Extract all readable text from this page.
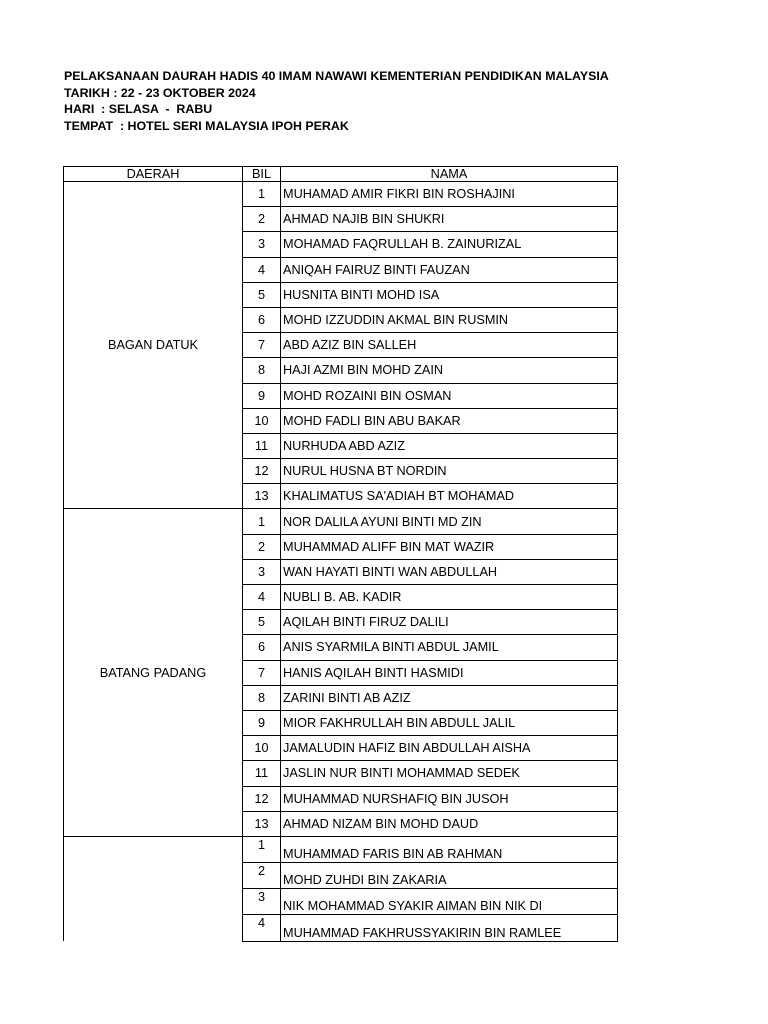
PELAKSANAAN DAURAH HADIS 40 IMAM NAWAWI KEMENTERIAN PENDIDIKAN MALAYSIA
TARIKH : 22 - 23 OKTOBER 2024
HARI  : SELASA  -  RABU
TEMPAT  : HOTEL SERI MALAYSIA IPOH PERAK
DAERAH	BIL	NAMA
BAGAN DATUK	1	MUHAMAD AMIR FIKRI BIN ROSHAJINI
	2	AHMAD NAJIB BIN SHUKRI
	3	MOHAMAD FAQRULLAH B. ZAINURIZAL
	4	ANIQAH FAIRUZ BINTI FAUZAN
	5	HUSNITA BINTI MOHD ISA
	6	MOHD IZZUDDIN AKMAL BIN RUSMIN
	7	ABD AZIZ BIN SALLEH
	8	HAJI AZMI BIN MOHD ZAIN
	9	MOHD ROZAINI BIN OSMAN
	10	MOHD FADLI BIN ABU BAKAR
	11	NURHUDA ABD AZIZ
	12	NURUL HUSNA BT NORDIN
	13	KHALIMATUS SA'ADIAH BT MOHAMAD
BATANG PADANG	1	NOR DALILA AYUNI BINTI MD ZIN
	2	MUHAMMAD ALIFF BIN MAT WAZIR
	3	WAN HAYATI BINTI WAN ABDULLAH
	4	NUBLI B. AB. KADIR
	5	AQILAH BINTI FIRUZ DALILI
	6	ANIS SYARMILA BINTI ABDUL JAMIL
	7	HANIS AQILAH BINTI HASMIDI
	8	ZARINI BINTI AB AZIZ
	9	MIOR FAKHRULLAH BIN ABDULL JALIL
	10	JAMALUDIN HAFIZ BIN ABDULLAH AISHA
	11	JASLIN NUR BINTI MOHAMMAD SEDEK
	12	MUHAMMAD NURSHAFIQ BIN JUSOH
	13	AHMAD NIZAM BIN MOHD DAUD
	1	MUHAMMAD FARIS BIN AB RAHMAN
	2	MOHD ZUHDI BIN ZAKARIA
	3	NIK MOHAMMAD SYAKIR AIMAN BIN NIK DI
	4	MUHAMMAD FAKHRUSSYAKIRIN BIN RAMLEE
